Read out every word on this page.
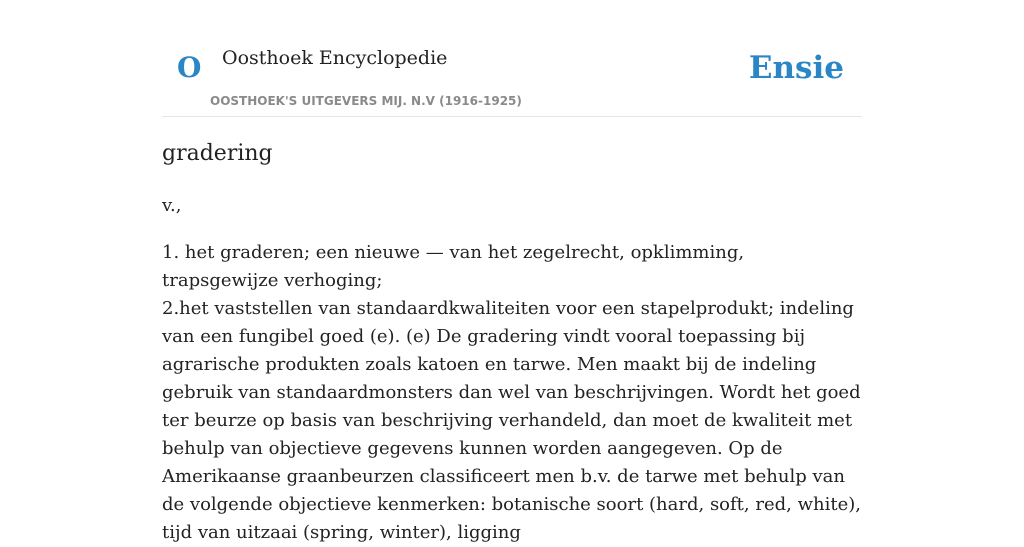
O Oosthoek Encyclopedie
OOSTHOEK'S UITGEVERS MIJ. N.V (1916-1925)
Ensie
gradering
v.,

1. het graderen; een nieuwe — van het zegelrecht, opklimming, trapsgewijze verhoging;

2.het vaststellen van standaardkwaliteiten voor een stapelprodukt; indeling van een fungibel goed (e). (e) De gradering vindt vooral toepassing bij agrarische produkten zoals katoen en tarwe. Men maakt bij de indeling gebruik van standaardmonsters dan wel van beschrijvingen. Wordt het goed ter beurze op basis van beschrijving verhandeld, dan moet de kwaliteit met behulp van objectieve gegevens kunnen worden aangegeven. Op de Amerikaanse graanbeurzen classificeert men b.v. de tarwe met behulp van de volgende objectieve kenmerken: botanische soort (hard, soft, red, white), tijd van uitzaai (spring, winter), ligging
